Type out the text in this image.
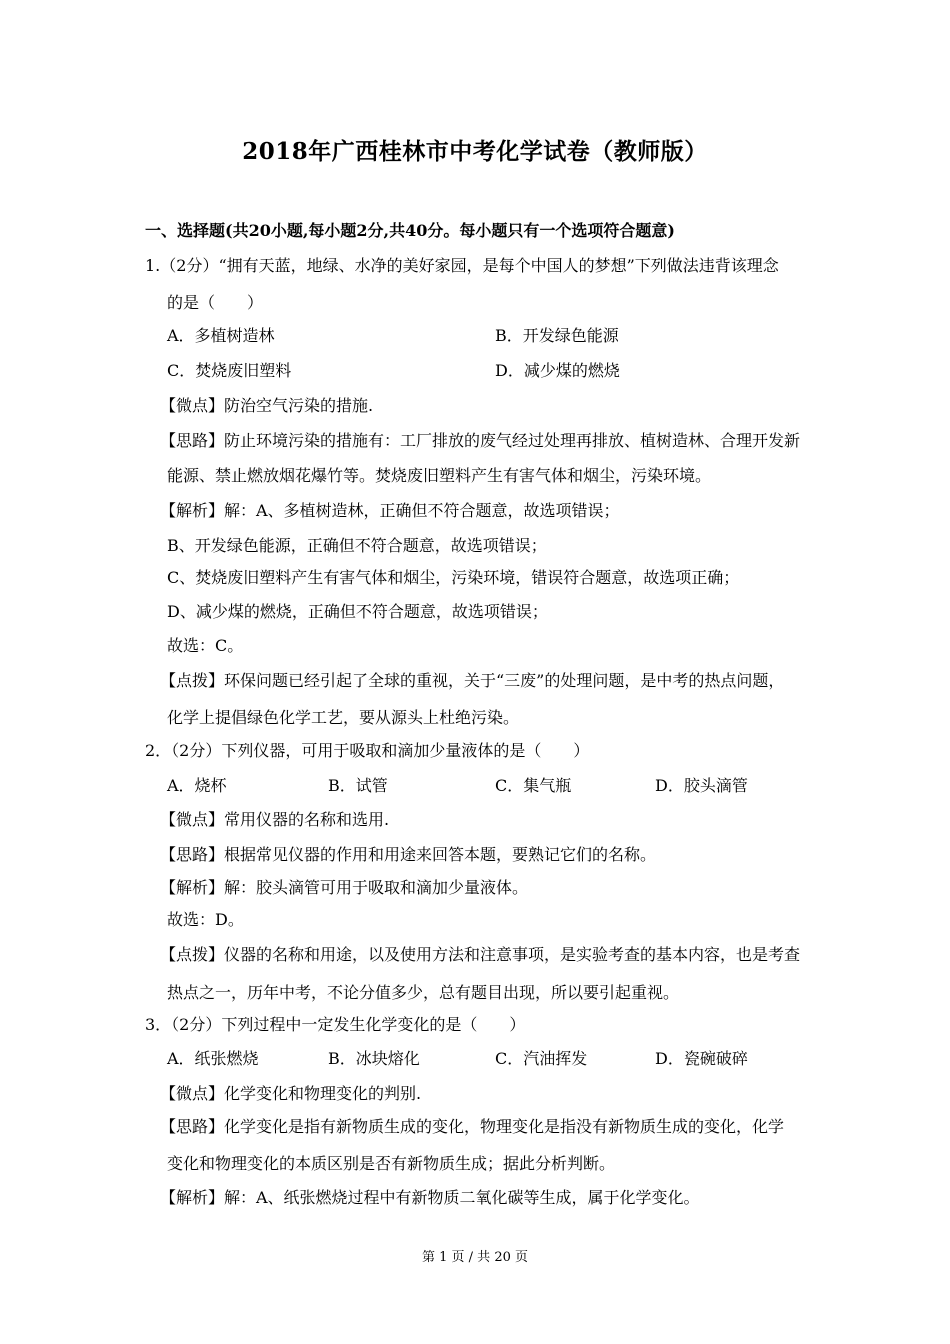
2018年广西桂林市中考化学试卷（教师版）
一、选择题(共20小题,每小题2分,共40分。每小题只有一个选项符合题意)
1.（2分）“拥有天蓝，地绿、水净的美好家园，是每个中国人的梦想”下列做法违背该理念
的是（　　）
A．多植树造林	B．开发绿色能源
C．焚烧废旧塑料	D．减少煤的燃烧
【微点】防治空气污染的措施.
【思路】防止环境污染的措施有：工厂排放的废气经过处理再排放、植树造林、合理开发新
能源、禁止燃放烟花爆竹等。焚烧废旧塑料产生有害气体和烟尘，污染环境。
【解析】解：A、多植树造林，正确但不符合题意，故选项错误；
B、开发绿色能源，正确但不符合题意，故选项错误；
C、焚烧废旧塑料产生有害气体和烟尘，污染环境，错误符合题意，故选项正确；
D、减少煤的燃烧，正确但不符合题意，故选项错误；
故选：C。
【点拨】环保问题已经引起了全球的重视，关于“三废”的处理问题，是中考的热点问题，
化学上提倡绿色化学工艺，要从源头上杜绝污染。
2．（2分）下列仪器，可用于吸取和滴加少量液体的是（　　）
A．烧杯	B．试管	C．集气瓶	D．胶头滴管
【微点】常用仪器的名称和选用.
【思路】根据常见仪器的作用和用途来回答本题，要熟记它们的名称。
【解析】解：胶头滴管可用于吸取和滴加少量液体。
故选：D。
【点拨】仪器的名称和用途，以及使用方法和注意事项，是实验考查的基本内容，也是考查
热点之一，历年中考，不论分值多少，总有题目出现，所以要引起重视。
3．（2分）下列过程中一定发生化学变化的是（　　）
A．纸张燃烧	B．冰块熔化	C．汽油挥发	D．瓷碗破碎
【微点】化学变化和物理变化的判别.
【思路】化学变化是指有新物质生成的变化，物理变化是指没有新物质生成的变化，化学
变化和物理变化的本质区别是否有新物质生成；据此分析判断。
【解析】解：A、纸张燃烧过程中有新物质二氧化碳等生成，属于化学变化。
第 1 页 / 共 20 页
